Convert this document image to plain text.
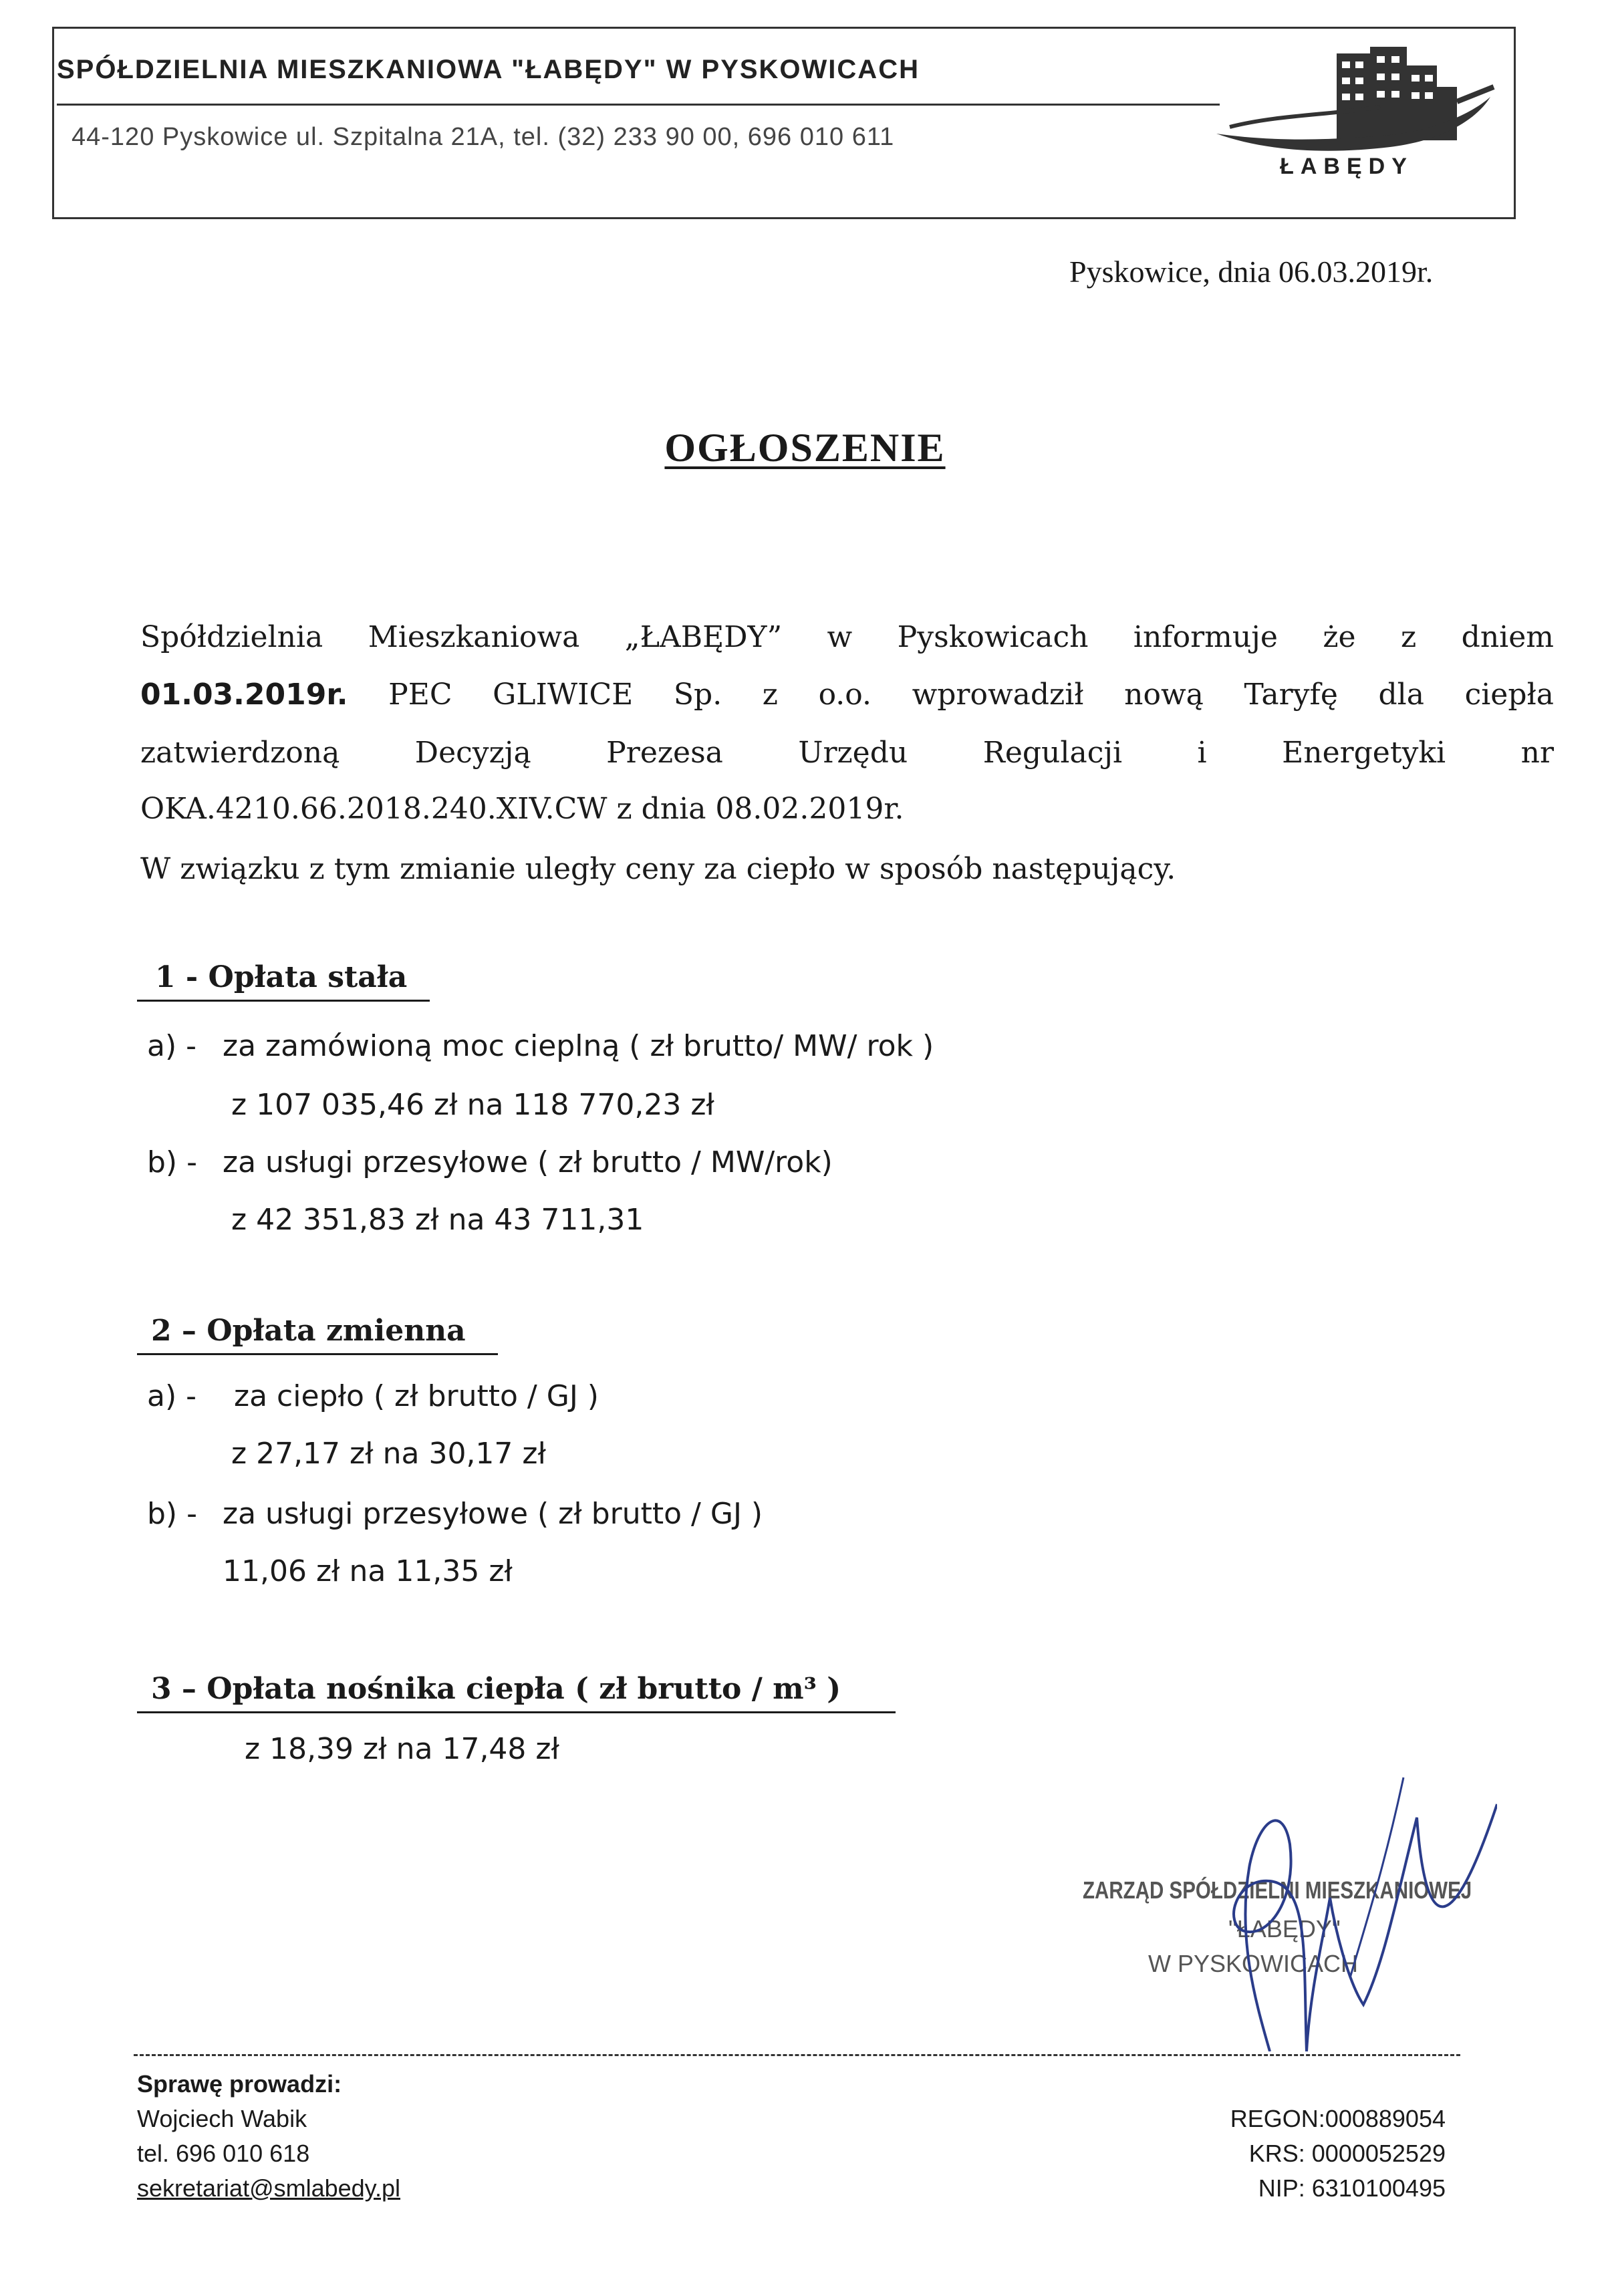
SPÓŁDZIELNIA MIESZKANIOWA "ŁABĘDY" W PYSKOWICACH
44-120 Pyskowice ul. Szpitalna 21A, tel. (32) 233 90 00, 696 010 611
ŁABĘDY
Pyskowice, dnia 06.03.2019r.
OGŁOSZENIE
Spółdzielnia Mieszkaniowa „ŁABĘDY” w Pyskowicach informuje że z dniem
01.03.2019r. PEC GLIWICE Sp. z o.o. wprowadził nową Taryfę dla ciepła
zatwierdzoną Decyzją Prezesa Urzędu Regulacji i Energetyki nr
OKA.4210.66.2018.240.XIV.CW z dnia 08.02.2019r.
W związku z tym zmianie uległy ceny za ciepło w sposób następujący.
1 - Opłata stała
a) - za zamówioną moc cieplną ( zł brutto/ MW/ rok )
z 107 035,46 zł na 118 770,23 zł
b) - za usługi przesyłowe ( zł brutto / MW/rok)
z 42 351,83 zł na 43 711,31
2 – Opłata zmienna
a) - za ciepło ( zł brutto / GJ )
z 27,17 zł na 30,17 zł
b) - za usługi przesyłowe ( zł brutto / GJ )
11,06 zł na 11,35 zł
3 – Opłata nośnika ciepła ( zł brutto / m³ )
z 18,39 zł na 17,48 zł
ZARZĄD SPÓŁDZIELNI MIESZKANIOWEJ
"ŁABĘDY"
W PYSKOWICACH
Sprawę prowadzi:
Wojciech Wabik
tel. 696 010 618
sekretariat@smlabedy.pl
REGON:000889054
KRS: 0000052529
NIP: 6310100495
